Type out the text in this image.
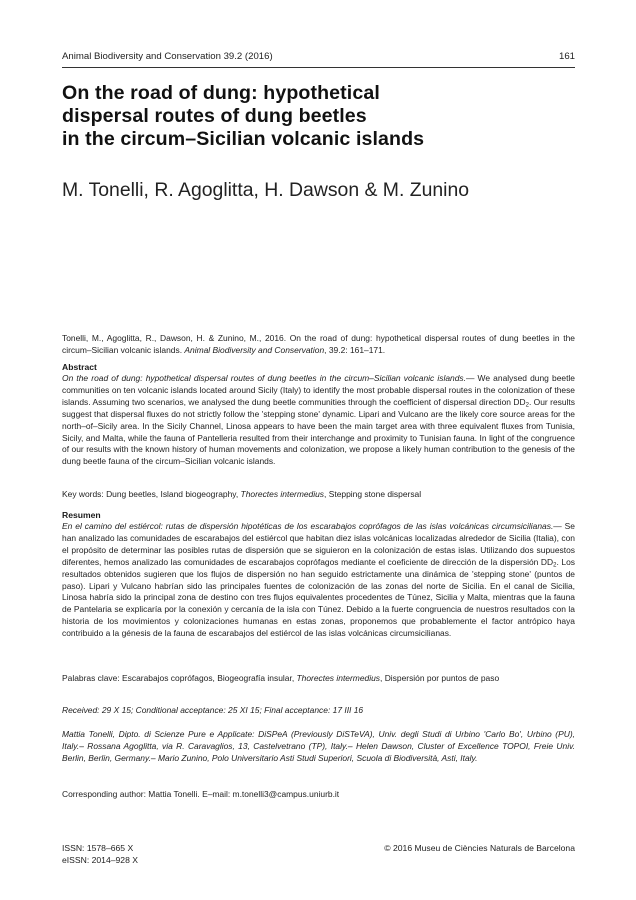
Animal Biodiversity and Conservation 39.2 (2016)	161
On the road of dung: hypothetical
dispersal routes of dung beetles
in the circum–Sicilian volcanic islands
M. Tonelli, R. Agoglitta, H. Dawson & M. Zunino

Tonelli, M., Agoglitta, R., Dawson, H. & Zunino, M., 2016. On the road of dung: hypothetical dispersal routes of dung beetles in the circum–Sicilian volcanic islands. Animal Biodiversity and Conservation, 39.2: 161–171.

Abstract

On the road of dung: hypothetical dispersal routes of dung beetles in the circum–Sicilian volcanic islands.— We analysed dung beetle communities on ten volcanic islands located around Sicily (Italy) to identify the most probable dispersal routes in the colonization of these islands. Assuming two scenarios, we analysed the dung beetle communities through the coefficient of dispersal direction $DD_2$. Our results suggest that dispersal fluxes do not strictly follow the 'stepping stone' dynamic. Lipari and Vulcano are the likely core source areas for the north–of–Sicily area. In the Sicily Channel, Linosa appears to have been the main target area with three equivalent fluxes from Tunisia, Sicily, and Malta, while the fauna of Pantelleria resulted from their interchange and proximity to Tunisian fauna. In light of the congruence of our results with the known history of human movements and colonization, we propose a likely human contribution to the genesis of the dung beetle fauna of the circum–Sicilian volcanic islands.

Key words: Dung beetles, Island biogeography, Thorectes intermedius, Stepping stone dispersal

Resumen

En el camino del estiércol: rutas de dispersión hipotéticas de los escarabajos coprófagos de las islas volcánicas circumsicilianas.— Se han analizado las comunidades de escarabajos del estiércol que habitan diez islas volcánicas localizadas alrededor de Sicilia (Italia), con el propósito de determinar las posibles rutas de dispersión que se siguieron en la colonización de estas islas. Utilizando dos supuestos diferentes, hemos analizado las comunidades de escarabajos coprófagos mediante el coeficiente de dirección de la dispersión $DD_2$. Los resultados obtenidos sugieren que los flujos de dispersión no han seguido estrictamente una dinámica de 'stepping stone' (puntos de paso). Lipari y Vulcano habrían sido las principales fuentes de colonización de las zonas del norte de Sicilia. En el canal de Sicilia, Linosa habría sido la principal zona de destino con tres flujos equivalentes procedentes de Túnez, Sicilia y Malta, mientras que la fauna de Pantelaria se explicaría por la conexión y cercanía de la isla con Túnez. Debido a la fuerte congruencia de nuestros resultados con la historia de los movimientos y colonizaciones humanas en estas zonas, proponemos que probablemente el factor antrópico haya contribuido a la génesis de la fauna de escarabajos del estiércol de las islas volcánicas circumsicilianas.

Palabras clave: Escarabajos coprófagos, Biogeografía insular, Thorectes intermedius, Dispersión por puntos de paso

Received: 29 X 15; Conditional acceptance: 25 XI 15; Final acceptance: 17 III 16

Mattia Tonelli, Dipto. di Scienze Pure e Applicate: DiSPeA (Previously DiSTeVA), Univ. degli Studi di Urbino 'Carlo Bo', Urbino (PU), Italy.– Rossana Agoglitta, via R. Caravaglios, 13, Castelvetrano (TP), Italy.– Helen Dawson, Cluster of Excellence TOPOI, Freie Univ. Berlin, Berlin, Germany.– Mario Zunino, Polo Universitario Asti Studi Superiori, Scuola di Biodiversità, Asti, Italy.

Corresponding author: Mattia Tonelli. E–mail: m.tonelli3@campus.uniurb.it

ISSN: 1578–665 X
eISSN: 2014–928 X
© 2016 Museu de Ciències Naturals de Barcelona
